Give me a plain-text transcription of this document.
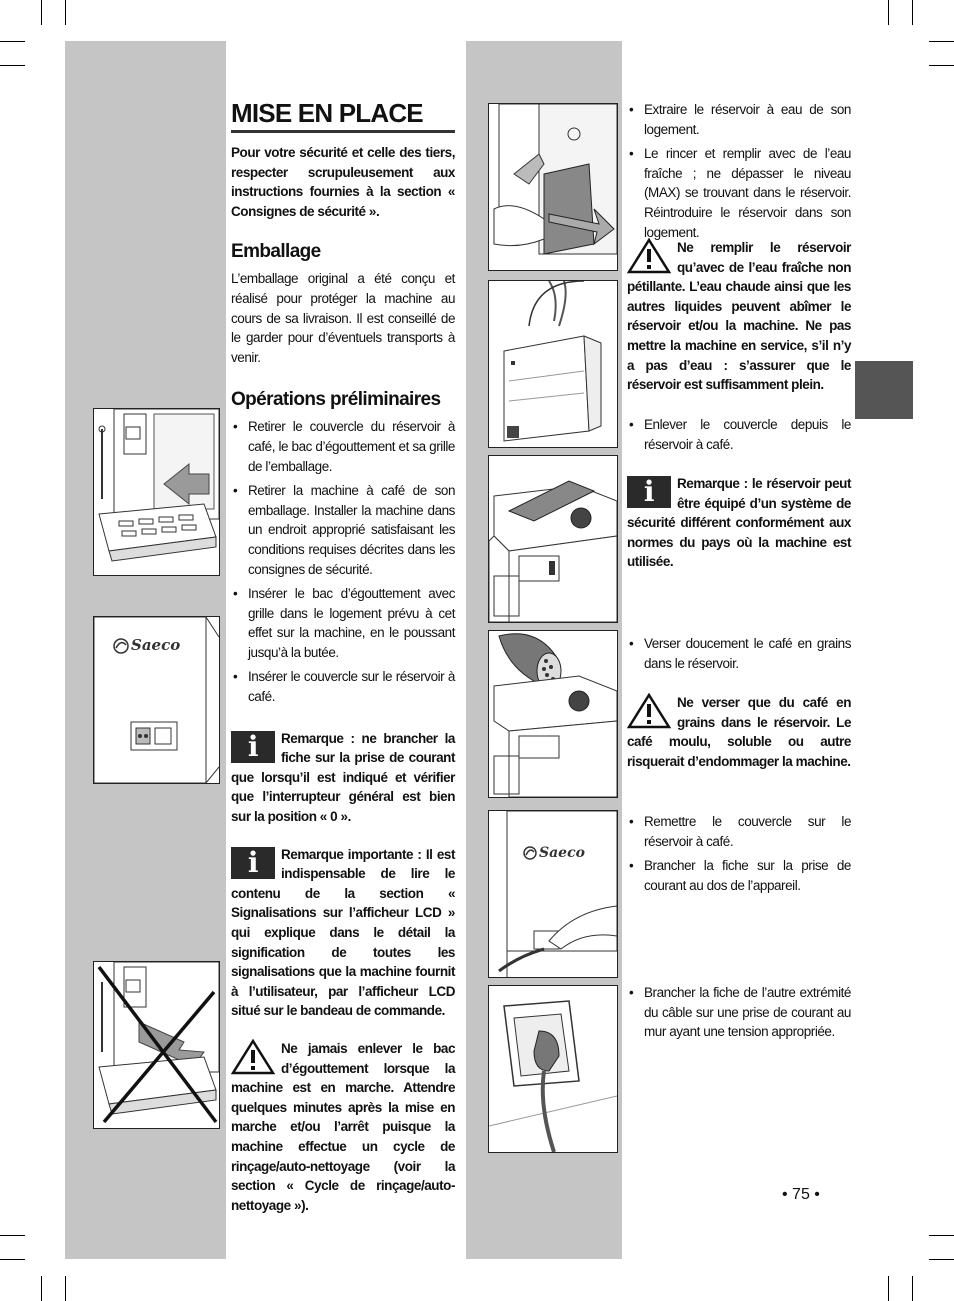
MISE EN PLACE

Pour votre sécurité et celle des tiers, respecter scrupuleusement aux instructions fournies à la section « Consignes de sécurité ».

Emballage

L’emballage original a été conçu et réalisé pour protéger la machine au cours de sa livraison. Il est conseillé de le garder pour d’éventuels transports à venir.

Opérations préliminaires
• Retirer le couvercle du réservoir à café, le bac d’égouttement et sa grille de l’emballage.
• Retirer la machine à café de son emballage. Installer la machine dans un endroit approprié satisfaisant les conditions requises décrites dans les consignes de sécurité.
• Insérer le bac d’égouttement avec grille dans le logement prévu à cet effet sur la machine, en le poussant jusqu’à la butée.
• Insérer le couvercle sur le réservoir à café.
i	Remarque : ne brancher la fiche sur la prise de courant que lorsqu’il est indiqué et vérifier que l’interrupteur général est bien sur la position « 0 ».
i	Remarque importante : Il est indispensable de lire le contenu de la section « Signalisations sur l’afficheur LCD » qui explique dans le détail la signification de toutes les signalisations que la machine fournit à l’utilisateur, par l’afficheur LCD situé sur le bandeau de commande.
Ne jamais enlever le bac d’égouttement lorsque la machine est en marche. Attendre quelques minutes après la mise en marche et/ou l’arrêt puisque la machine effectue un cycle de rinçage/auto-nettoyage (voir la section « Cycle de rinçage/auto-nettoyage »).
Saeco
Saeco
• Extraire le réservoir à eau de son logement.
• Le rincer et remplir avec de l’eau fraîche ; ne dépasser le niveau (MAX) se trouvant dans le réservoir. Réintroduire le réservoir dans son logement.
Ne remplir le réservoir qu’avec de l’eau fraîche non pétillante. L’eau chaude ainsi que les autres liquides peuvent abîmer le réservoir et/ou la machine. Ne pas mettre la machine en service, s’il n’y a pas d’eau : s’assurer que le réservoir est suffisamment plein.
• Enlever le couvercle depuis le réservoir à café.
i	Remarque : le réservoir peut être équipé d’un système de sécurité différent conformément aux normes du pays où la machine est utilisée.
• Verser doucement le café en grains dans le réservoir.
Ne verser que du café en grains dans le réservoir. Le café moulu, soluble ou autre risquerait d’endommager la machine.
• Remettre le couvercle sur le réservoir à café.
• Brancher la fiche sur la prise de courant au dos de l’appareil.
• Brancher la fiche de l’autre extrémité du câble sur une prise de courant au mur ayant une tension appropriée.
• 75 •
